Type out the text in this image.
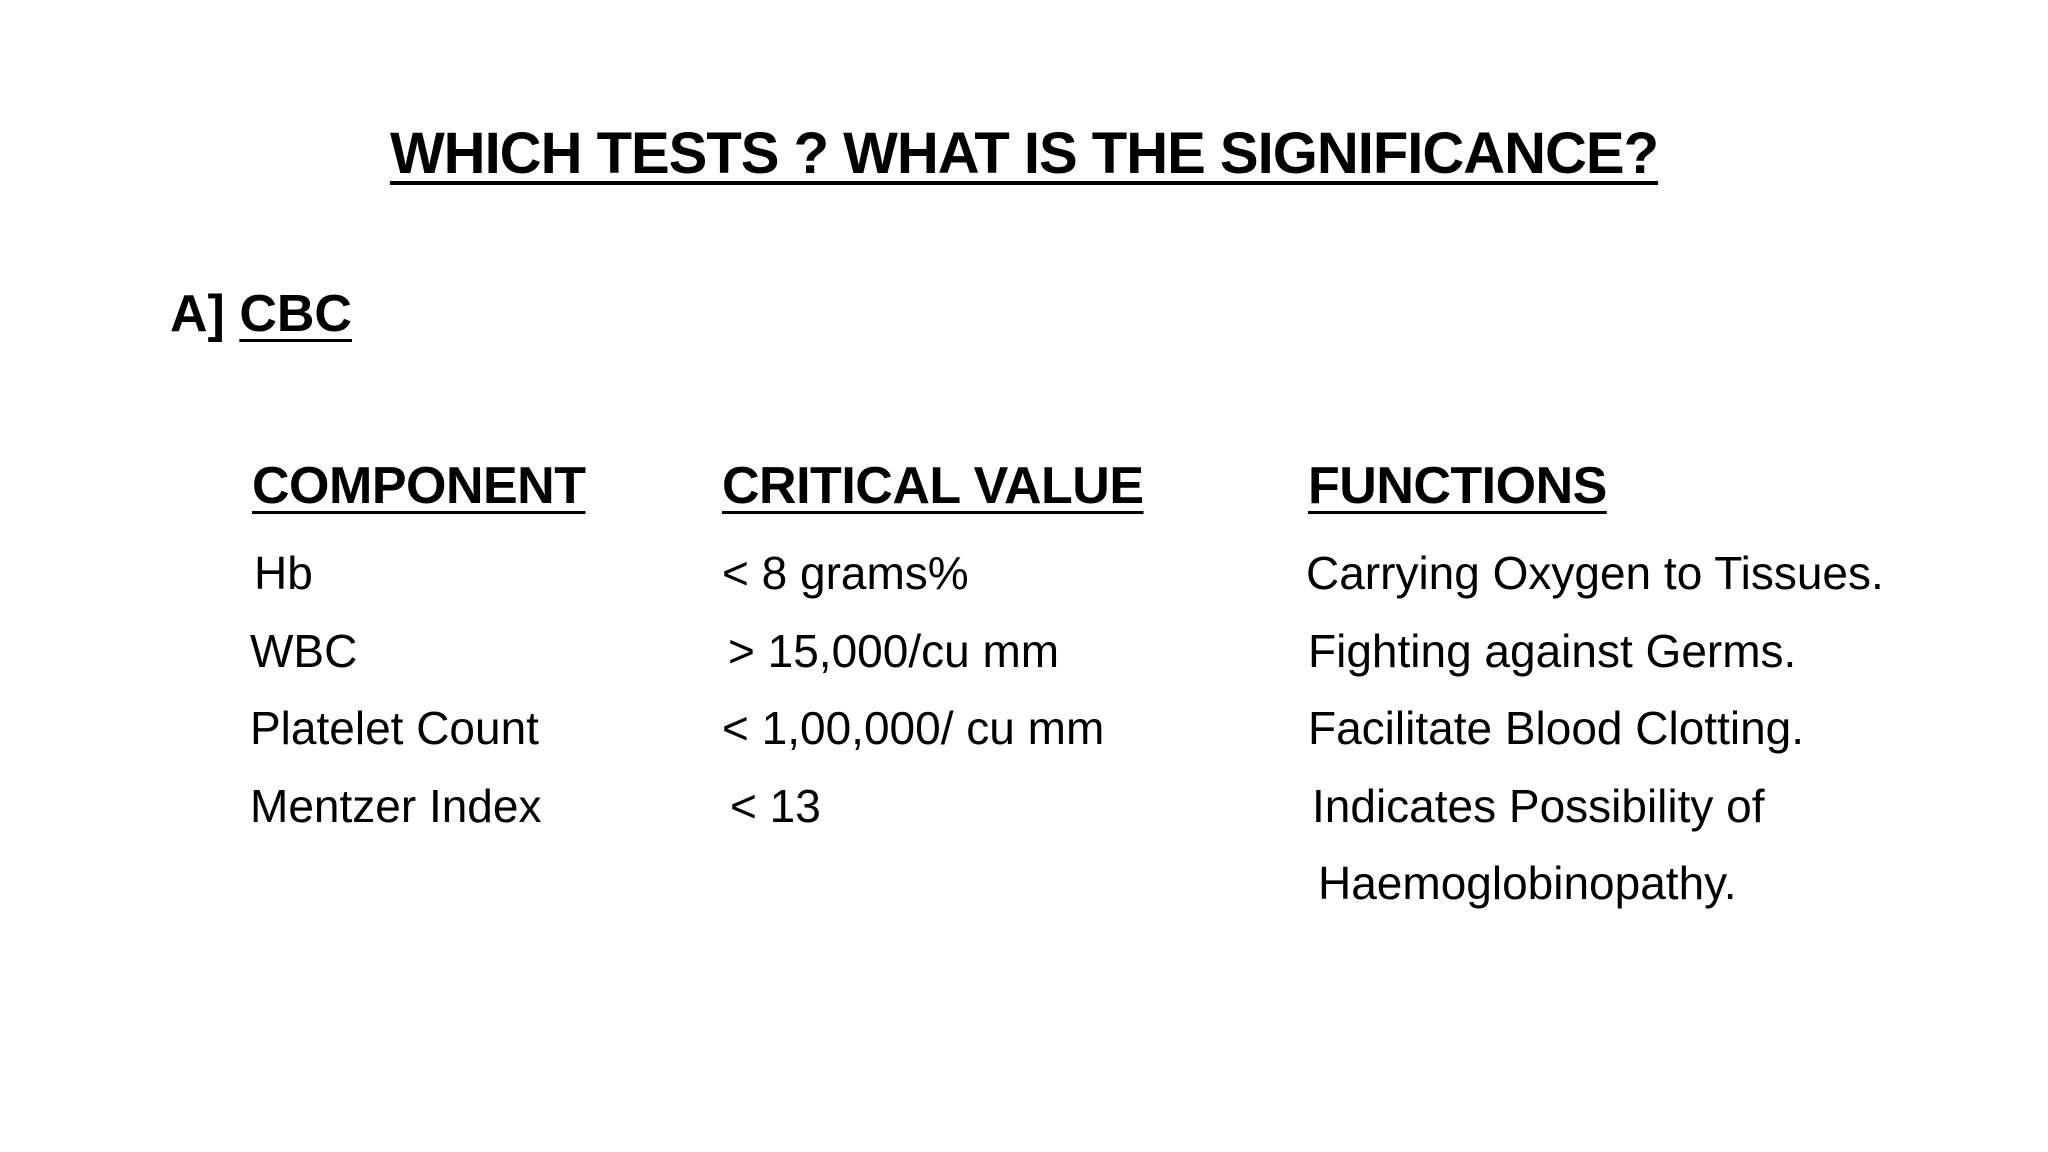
WHICH TESTS ? WHAT IS THE SIGNIFICANCE?
A] CBC
COMPONENT	CRITICAL VALUE	FUNCTIONS
Hb	< 8 grams%	Carrying Oxygen to Tissues.
WBC	> 15,000/cu mm	Fighting against Germs.
Platelet Count	< 1,00,000/ cu mm	Facilitate Blood Clotting.
Mentzer Index	< 13	Indicates Possibility of
Haemoglobinopathy.
